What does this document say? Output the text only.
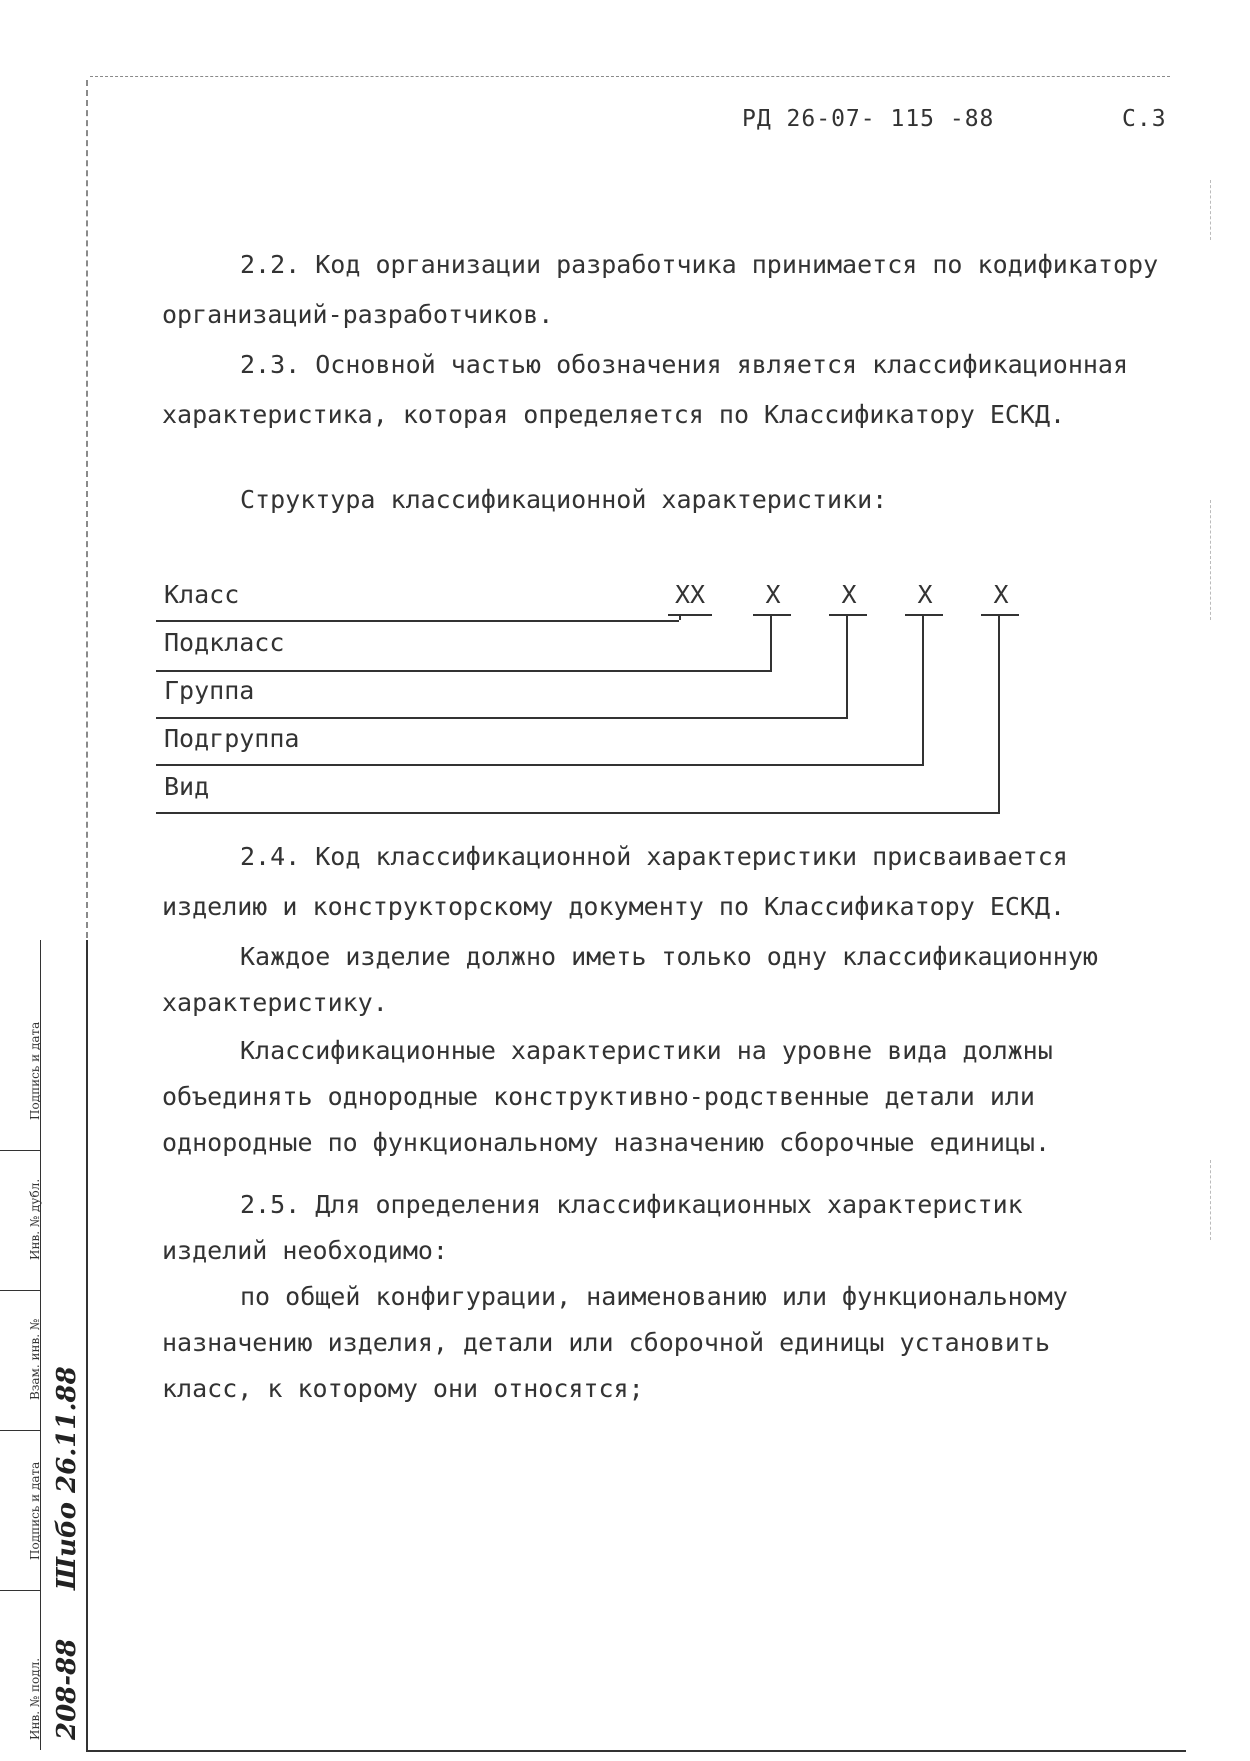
РД 26-07- 115 -88	С.3

2.2. Код организации разработчика принимается по кодификатору

организаций-разработчиков.

2.3. Основной частью обозначения является классификационная

характеристика, которая определяется по Классификатору ЕСКД.

Структура классификационной характеристики:

Класс
Подкласс
Группа
Подгруппа
Вид
XX X X X X

2.4. Код классификационной характеристики присваивается

изделию и конструкторскому документу по Классификатору ЕСКД.

Каждое изделие должно иметь только одну классификационную

характеристику.

Классификационные характеристики на уровне вида должны

объединять однородные конструктивно-родственные детали или

однородные по функциональному назначению сборочные единицы.

2.5. Для определения классификационных характеристик

изделий необходимо:

по общей конфигурации, наименованию или функциональному

назначению изделия, детали или сборочной единицы установить

класс, к которому они относятся;

Подпись и дата
Инв. № дубл.
Взам. инв. №
Подпись и дата
Инв. № подл. 208-88
Шибо 26.11.88
